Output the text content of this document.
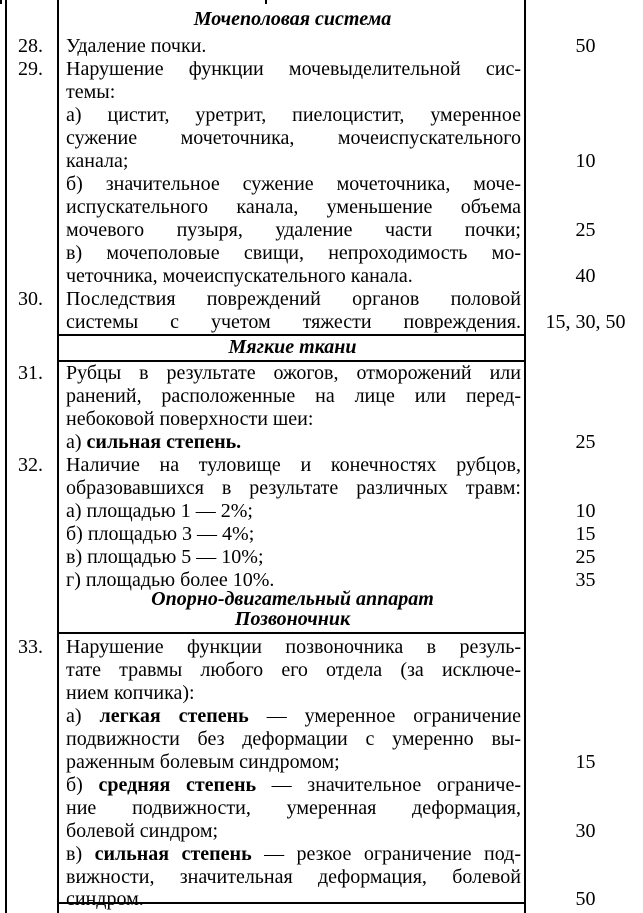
Мочеполовая система
28.	Удаление почки.	50
29.	Нарушение функции мочевыделительной сис-
темы:
а) цистит, уретрит, пиелоцистит, умеренное
сужение мочеточника, мочеиспускательного
канала;	10
б) значительное сужение мочеточника, моче-
испускательного канала, уменьшение объема
мочевого пузыря, удаление части почки;	25
в) мочеполовые свищи, непроходимость мо-
четочника, мочеиспускательного канала.	40
30.	Последствия повреждений органов половой
системы с учетом тяжести повреждения.	15, 30, 50
Мягкие ткани
31.	Рубцы в результате ожогов, отморожений или
ранений, расположенные на лице или перед-
небоковой поверхности шеи:
а) сильная степень.	25
32.	Наличие на туловище и конечностях рубцов,
образовавшихся в результате различных травм:
а) площадью 1 — 2%;	10
б) площадью 3 — 4%;	15
в) площадью 5 — 10%;	25
г) площадью более 10%.	35
Опорно-двигательный аппарат
Позвоночник
33.	Нарушение функции позвоночника в резуль-
тате травмы любого его отдела (за исключе-
нием копчика):
а) легкая степень — умеренное ограничение
подвижности без деформации с умеренно вы-
раженным болевым синдромом;	15
б) средняя степень — значительное ограниче-
ние подвижности, умеренная деформация,
болевой синдром;	30
в) сильная степень — резкое ограничение под-
вижности, значительная деформация, болевой
синдром.	50
